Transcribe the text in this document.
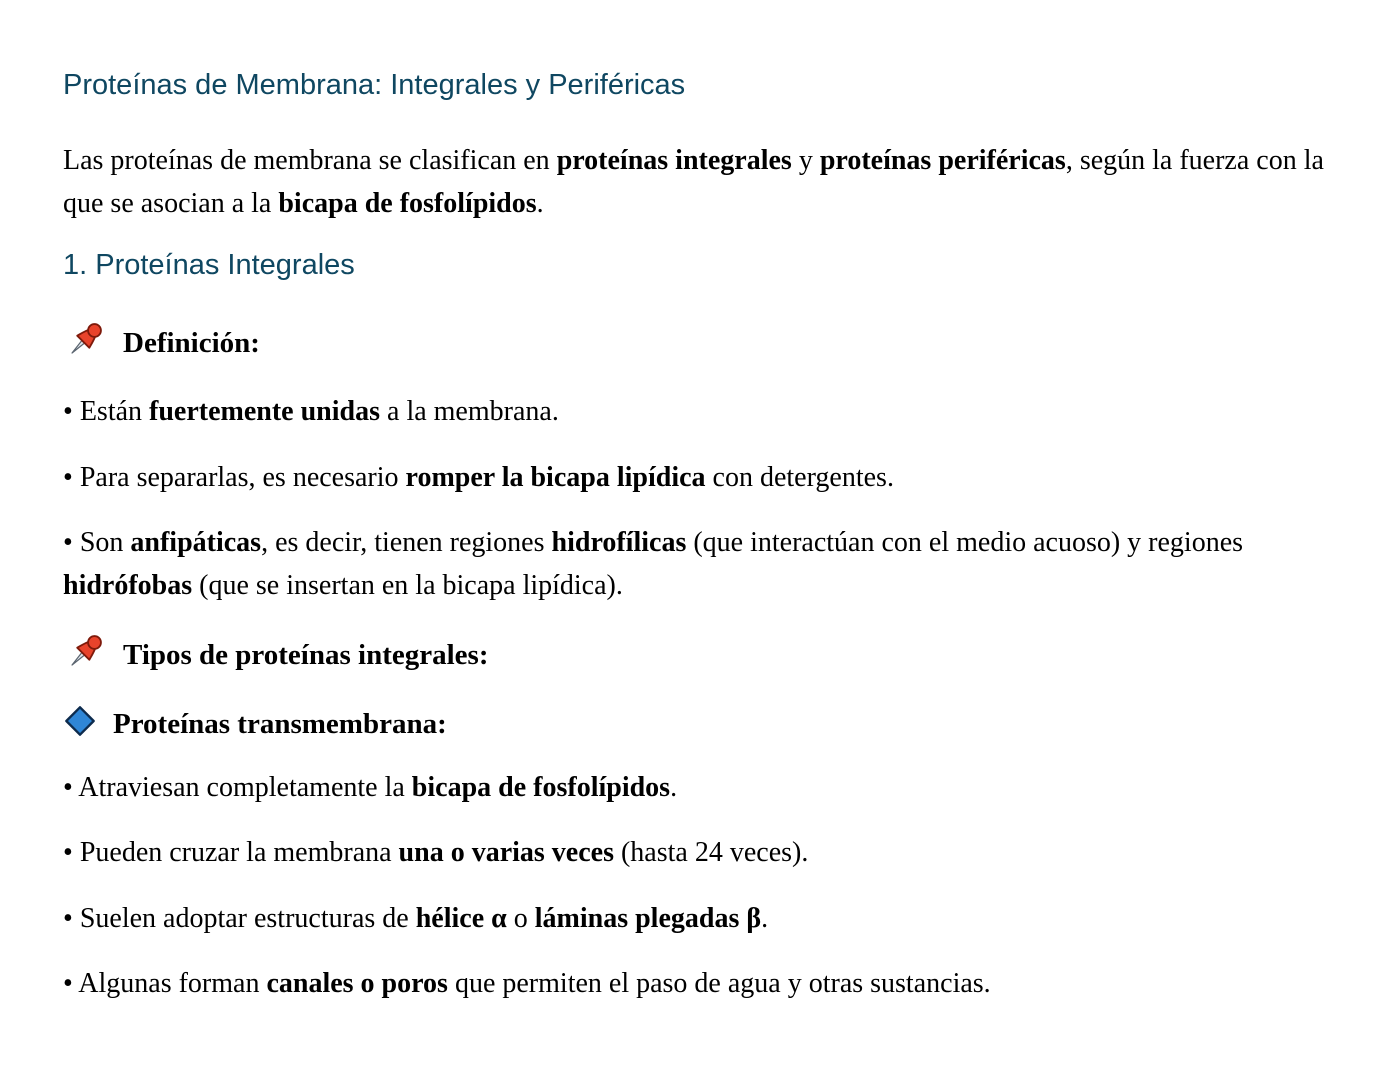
Proteínas de Membrana: Integrales y Periféricas

Las proteínas de membrana se clasifican en proteínas integrales y proteínas periféricas, según la fuerza con la que se asocian a la bicapa de fosfolípidos.

1. Proteínas Integrales

Definición:

• Están fuertemente unidas a la membrana.

• Para separarlas, es necesario romper la bicapa lipídica con detergentes.

• Son anfipáticas, es decir, tienen regiones hidrofílicas (que interactúan con el medio acuoso) y regiones hidrófobas (que se insertan en la bicapa lipídica).

Tipos de proteínas integrales:

Proteínas transmembrana:

• Atraviesan completamente la bicapa de fosfolípidos.

• Pueden cruzar la membrana una o varias veces (hasta 24 veces).

• Suelen adoptar estructuras de hélice α o láminas plegadas β.

• Algunas forman canales o poros que permiten el paso de agua y otras sustancias.
